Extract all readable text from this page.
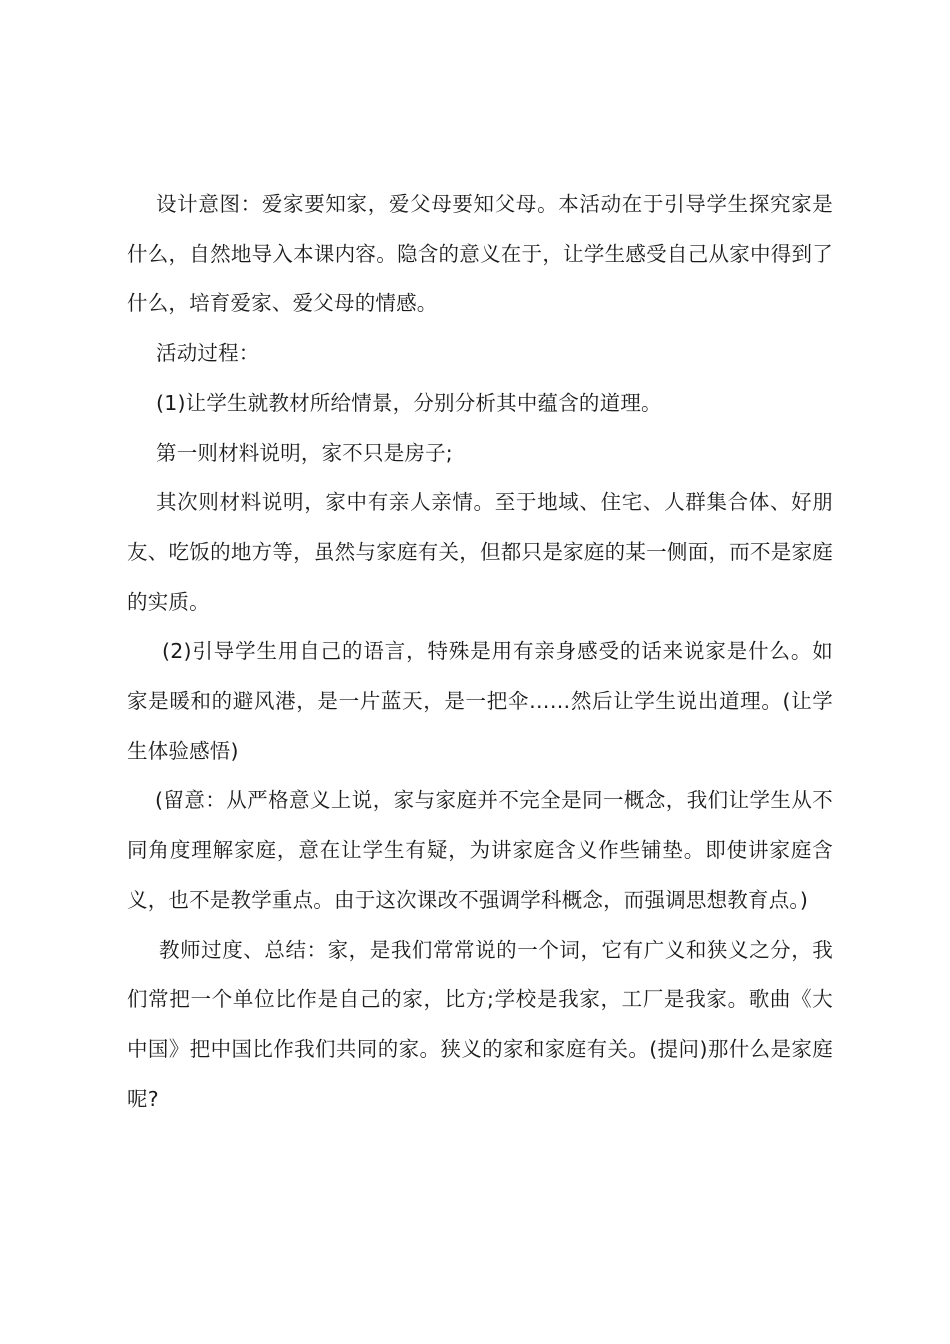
设计意图：爱家要知家，爱父母要知父母。本活动在于引导学生探究家是什么，自然地导入本课内容。隐含的意义在于，让学生感受自己从家中得到了什么，培育爱家、爱父母的情感。

活动过程：

(1)让学生就教材所给情景，分别分析其中蕴含的道理。

第一则材料说明，家不只是房子;

其次则材料说明，家中有亲人亲情。至于地域、住宅、人群集合体、好朋友、吃饭的地方等，虽然与家庭有关，但都只是家庭的某一侧面，而不是家庭的实质。

(2)引导学生用自己的语言，特殊是用有亲身感受的话来说家是什么。如家是暖和的避风港，是一片蓝天，是一把伞……然后让学生说出道理。(让学生体验感悟)

(留意：从严格意义上说，家与家庭并不完全是同一概念，我们让学生从不同角度理解家庭，意在让学生有疑，为讲家庭含义作些铺垫。即使讲家庭含义，也不是教学重点。由于这次课改不强调学科概念，而强调思想教育点。)

教师过度、总结：家，是我们常常说的一个词，它有广义和狭义之分，我们常把一个单位比作是自己的家，比方;学校是我家，工厂是我家。歌曲《大中国》把中国比作我们共同的家。狭义的家和家庭有关。(提问)那什么是家庭呢?
